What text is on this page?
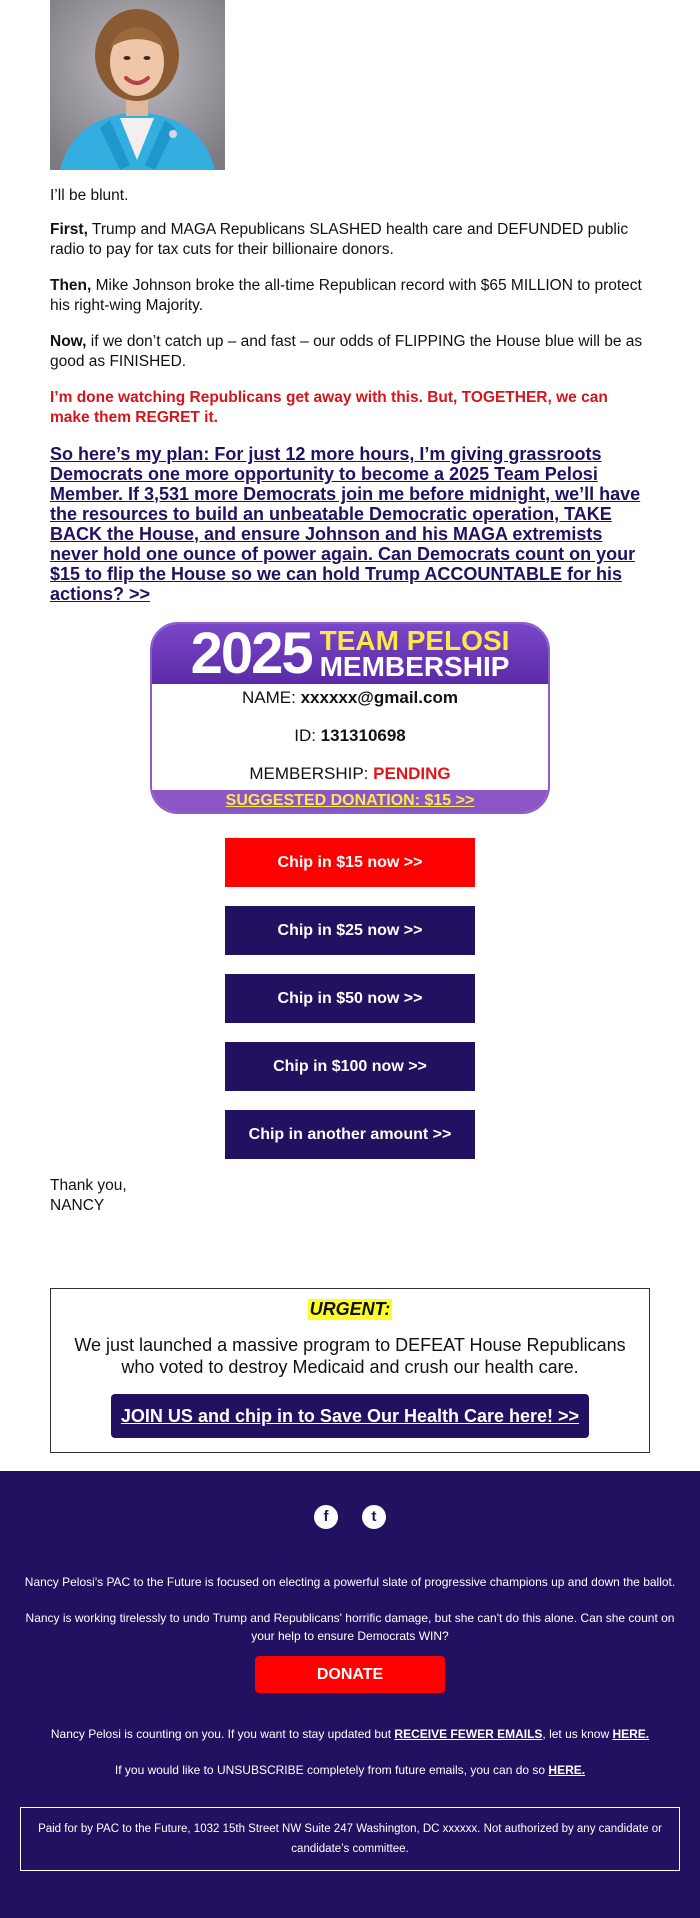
I’ll be blunt.

First, Trump and MAGA Republicans SLASHED health care and DEFUNDED public radio to pay for tax cuts for their billionaire donors.

Then, Mike Johnson broke the all-time Republican record with $65 MILLION to protect his right-wing Majority.

Now, if we don’t catch up – and fast – our odds of FLIPPING the House blue will be as good as FINISHED.

I’m done watching Republicans get away with this. But, TOGETHER, we can make them REGRET it.

So here’s my plan: For just 12 more hours, I’m giving grassroots Democrats one more opportunity to become a 2025 Team Pelosi Member. If 3,531 more Democrats join me before midnight, we’ll have the resources to build an unbeatable Democratic operation, TAKE BACK the House, and ensure Johnson and his MAGA extremists never hold one ounce of power again. Can Democrats count on your $15 to flip the House so we can hold Trump ACCOUNTABLE for his actions? >>
2025 TEAM PELOSI
MEMBERSHIP
NAME: xxxxxx@gmail.com
ID: 131310698
MEMBERSHIP: PENDING
SUGGESTED DONATION: $15 >>
Chip in $15 now >>
Chip in $25 now >>
Chip in $50 now >>
Chip in $100 now >>
Chip in another amount >>
Thank you,
NANCY
URGENT:

We just launched a massive program to DEFEAT House Republicans who voted to destroy Medicaid and crush our health care.

JOIN US and chip in to Save Our Health Care here! >>
f	t
Nancy Pelosi's PAC to the Future is focused on electing a powerful slate of progressive champions up and down the ballot.
Nancy is working tirelessly to undo Trump and Republicans' horrific damage, but she can't do this alone. Can she count on your help to ensure Democrats WIN?
DONATE
Nancy Pelosi is counting on you. If you want to stay updated but RECEIVE FEWER EMAILS, let us know HERE.
If you would like to UNSUBSCRIBE completely from future emails, you can do so HERE.
Paid for by PAC to the Future, 1032 15th Street NW Suite 247 Washington, DC xxxxxx. Not authorized by any candidate or candidate’s committee.
